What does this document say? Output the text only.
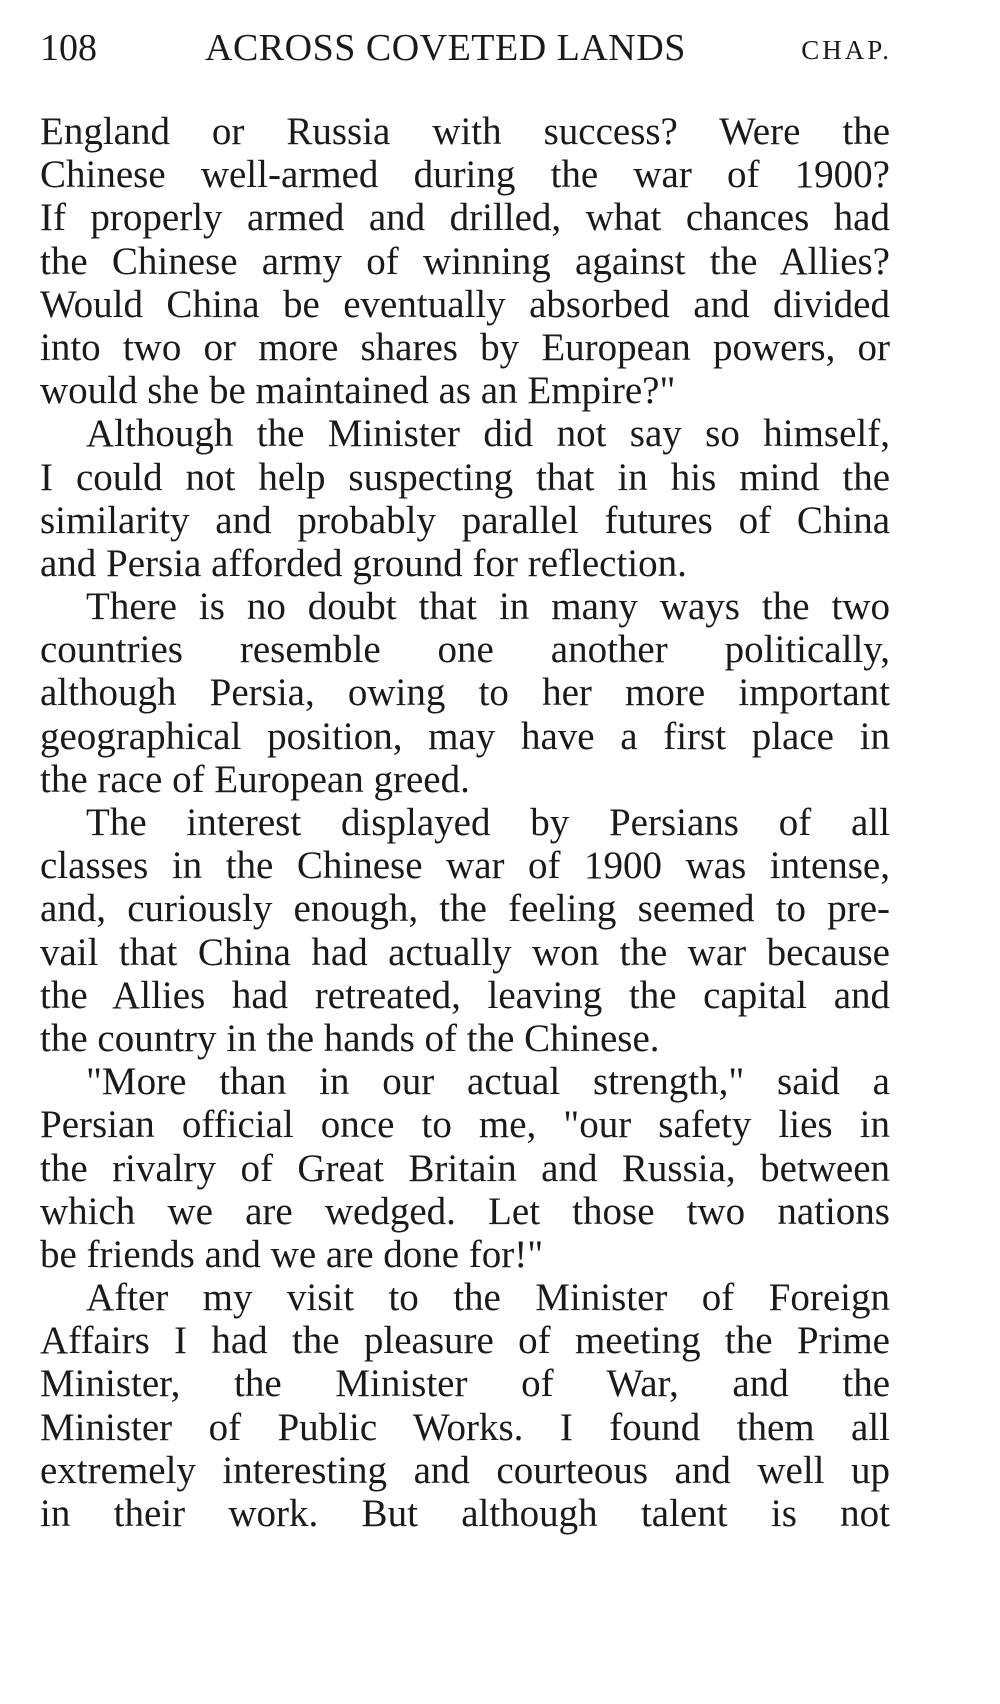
108	ACROSS COVETED LANDS	CHAP.
England or Russia with success? Were the
Chinese well-armed during the war of 1900?
If properly armed and drilled, what chances had
the Chinese army of winning against the Allies?
Would China be eventually absorbed and divided
into two or more shares by European powers, or
would she be maintained as an Empire?"
Although the Minister did not say so himself,
I could not help suspecting that in his mind the
similarity and probably parallel futures of China
and Persia afforded ground for reflection.
There is no doubt that in many ways the two
countries resemble one another politically,
although Persia, owing to her more important
geographical position, may have a first place in
the race of European greed.
The interest displayed by Persians of all
classes in the Chinese war of 1900 was intense,
and, curiously enough, the feeling seemed to pre-
vail that China had actually won the war because
the Allies had retreated, leaving the capital and
the country in the hands of the Chinese.
"More than in our actual strength," said a
Persian official once to me, "our safety lies in
the rivalry of Great Britain and Russia, between
which we are wedged. Let those two nations
be friends and we are done for!"
After my visit to the Minister of Foreign
Affairs I had the pleasure of meeting the Prime
Minister, the Minister of War, and the
Minister of Public Works. I found them all
extremely interesting and courteous and well up
in their work. But although talent is not
